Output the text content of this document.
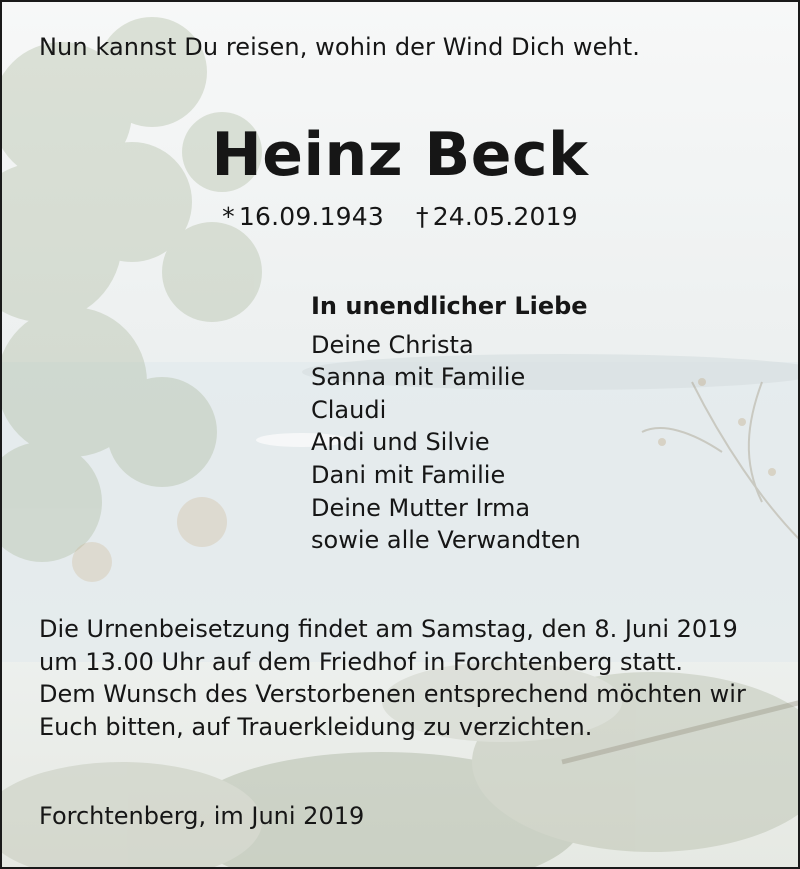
Nun kannst Du reisen, wohin der Wind Dich weht.
Heinz Beck
* 16.09.1943 † 24.05.2019
In unendlicher Liebe
Deine Christa
Sanna mit Familie
Claudi
Andi und Silvie
Dani mit Familie
Deine Mutter Irma
sowie alle Verwandten
Die Urnenbeisetzung findet am Samstag, den 8. Juni 2019
um 13.00 Uhr auf dem Friedhof in Forchtenberg statt.
Dem Wunsch des Verstorbenen entsprechend möchten wir
Euch bitten, auf Trauerkleidung zu verzichten.
Forchtenberg, im Juni 2019
